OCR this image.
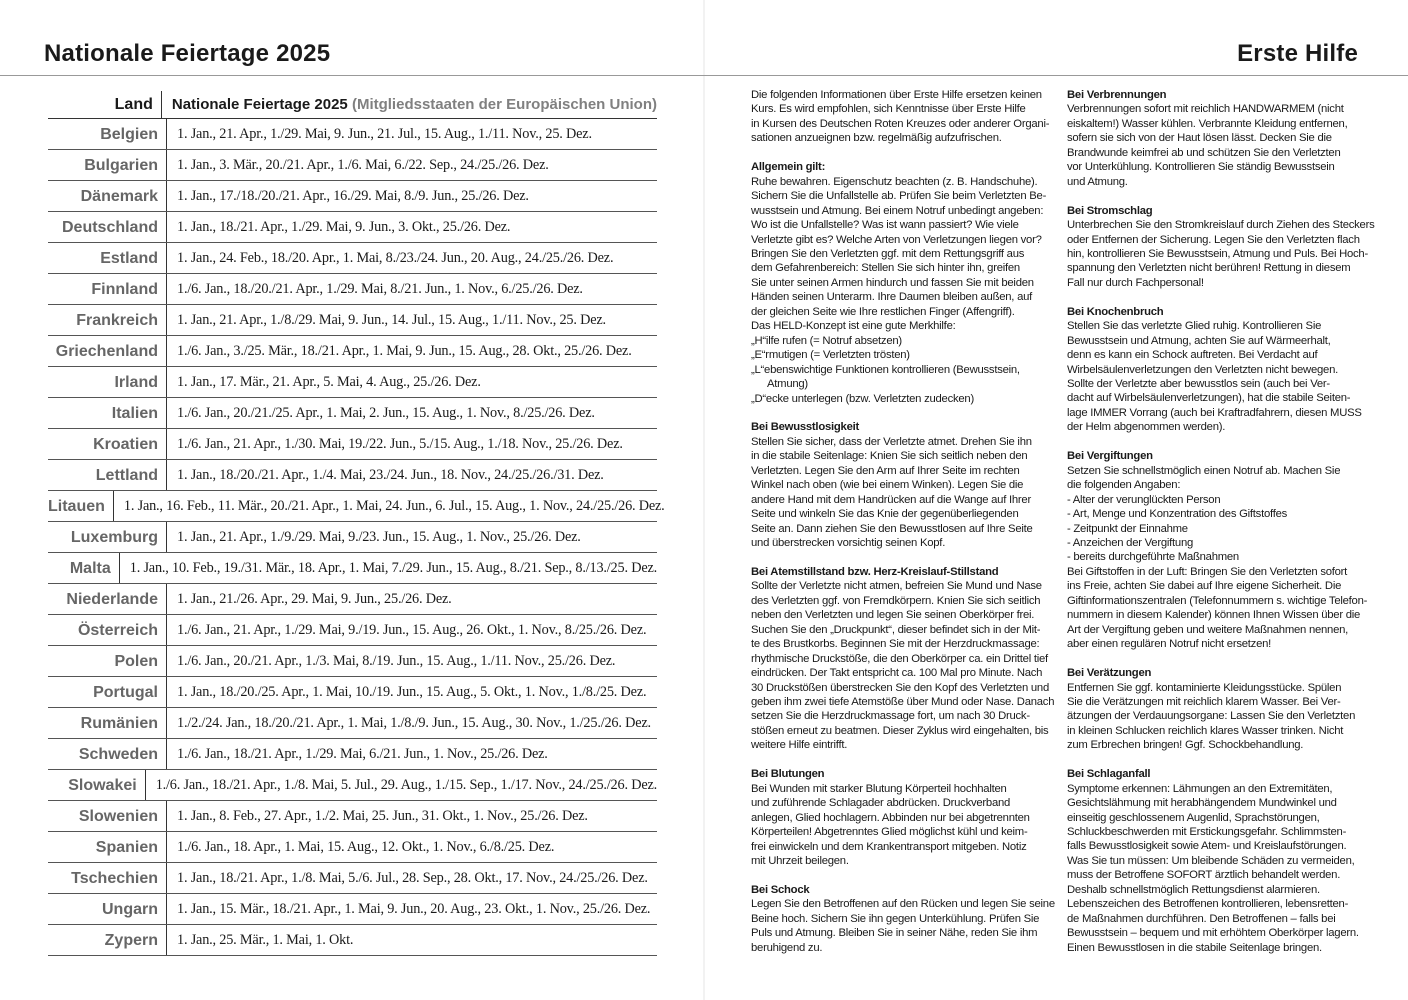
Nationale Feiertage 2025	Erste Hilfe
Land	Nationale Feiertage 2025 (Mitgliedsstaaten der Europäischen Union)
Belgien	1. Jan., 21. Apr., 1./29. Mai, 9. Jun., 21. Jul., 15. Aug., 1./11. Nov., 25. Dez.
Bulgarien	1. Jan., 3. Mär., 20./21. Apr., 1./6. Mai, 6./22. Sep., 24./25./26. Dez.
Dänemark	1. Jan., 17./18./20./21. Apr., 16./29. Mai, 8./9. Jun., 25./26. Dez.
Deutschland	1. Jan., 18./21. Apr., 1./29. Mai, 9. Jun., 3. Okt., 25./26. Dez.
Estland	1. Jan., 24. Feb., 18./20. Apr., 1. Mai, 8./23./24. Jun., 20. Aug., 24./25./26. Dez.
Finnland	1./6. Jan., 18./20./21. Apr., 1./29. Mai, 8./21. Jun., 1. Nov., 6./25./26. Dez.
Frankreich	1. Jan., 21. Apr., 1./8./29. Mai, 9. Jun., 14. Jul., 15. Aug., 1./11. Nov., 25. Dez.
Griechenland	1./6. Jan., 3./25. Mär., 18./21. Apr., 1. Mai, 9. Jun., 15. Aug., 28. Okt., 25./26. Dez.
Irland	1. Jan., 17. Mär., 21. Apr., 5. Mai, 4. Aug., 25./26. Dez.
Italien	1./6. Jan., 20./21./25. Apr., 1. Mai, 2. Jun., 15. Aug., 1. Nov., 8./25./26. Dez.
Kroatien	1./6. Jan., 21. Apr., 1./30. Mai, 19./22. Jun., 5./15. Aug., 1./18. Nov., 25./26. Dez.
Lettland	1. Jan., 18./20./21. Apr., 1./4. Mai, 23./24. Jun., 18. Nov., 24./25./26./31. Dez.
Litauen	1. Jan., 16. Feb., 11. Mär., 20./21. Apr., 1. Mai, 24. Jun., 6. Jul., 15. Aug., 1. Nov., 24./25./26. Dez.
Luxemburg	1. Jan., 21. Apr., 1./9./29. Mai, 9./23. Jun., 15. Aug., 1. Nov., 25./26. Dez.
Malta	1. Jan., 10. Feb., 19./31. Mär., 18. Apr., 1. Mai, 7./29. Jun., 15. Aug., 8./21. Sep., 8./13./25. Dez.
Niederlande	1. Jan., 21./26. Apr., 29. Mai, 9. Jun., 25./26. Dez.
Österreich	1./6. Jan., 21. Apr., 1./29. Mai, 9./19. Jun., 15. Aug., 26. Okt., 1. Nov., 8./25./26. Dez.
Polen	1./6. Jan., 20./21. Apr., 1./3. Mai, 8./19. Jun., 15. Aug., 1./11. Nov., 25./26. Dez.
Portugal	1. Jan., 18./20./25. Apr., 1. Mai, 10./19. Jun., 15. Aug., 5. Okt., 1. Nov., 1./8./25. Dez.
Rumänien	1./2./24. Jan., 18./20./21. Apr., 1. Mai, 1./8./9. Jun., 15. Aug., 30. Nov., 1./25./26. Dez.
Schweden	1./6. Jan., 18./21. Apr., 1./29. Mai, 6./21. Jun., 1. Nov., 25./26. Dez.
Slowakei	1./6. Jan., 18./21. Apr., 1./8. Mai, 5. Jul., 29. Aug., 1./15. Sep., 1./17. Nov., 24./25./26. Dez.
Slowenien	1. Jan., 8. Feb., 27. Apr., 1./2. Mai, 25. Jun., 31. Okt., 1. Nov., 25./26. Dez.
Spanien	1./6. Jan., 18. Apr., 1. Mai, 15. Aug., 12. Okt., 1. Nov., 6./8./25. Dez.
Tschechien	1. Jan., 18./21. Apr., 1./8. Mai, 5./6. Jul., 28. Sep., 28. Okt., 17. Nov., 24./25./26. Dez.
Ungarn	1. Jan., 15. Mär., 18./21. Apr., 1. Mai, 9. Jun., 20. Aug., 23. Okt., 1. Nov., 25./26. Dez.
Zypern	1. Jan., 25. Mär., 1. Mai, 1. Okt.
Die folgenden Informationen über Erste Hilfe ersetzen keinen
Kurs. Es wird empfohlen, sich Kenntnisse über Erste Hilfe
in Kursen des Deutschen Roten Kreuzes oder anderer Organi-
sationen anzueignen bzw. regelmäßig aufzufrischen.
Allgemein gilt:
Ruhe bewahren. Eigenschutz beachten (z. B. Handschuhe).
Sichern Sie die Unfallstelle ab. Prüfen Sie beim Verletzten Be-
wusstsein und Atmung. Bei einem Notruf unbedingt angeben:
Wo ist die Unfallstelle? Was ist wann passiert? Wie viele
Verletzte gibt es? Welche Arten von Verletzungen liegen vor?
Bringen Sie den Verletzten ggf. mit dem Rettungsgriff aus
dem Gefahrenbereich: Stellen Sie sich hinter ihn, greifen
Sie unter seinen Armen hindurch und fassen Sie mit beiden
Händen seinen Unterarm. Ihre Daumen bleiben außen, auf
der gleichen Seite wie Ihre restlichen Finger (Affengriff).
Das HELD-Konzept ist eine gute Merkhilfe:
„H“ilfe rufen (= Notruf absetzen)
„E“rmutigen (= Verletzten trösten)
„L“ebenswichtige Funktionen kontrollieren (Bewusstsein,
Atmung)
„D“ecke unterlegen (bzw. Verletzten zudecken)
Bei Bewusstlosigkeit
Stellen Sie sicher, dass der Verletzte atmet. Drehen Sie ihn
in die stabile Seitenlage: Knien Sie sich seitlich neben den
Verletzten. Legen Sie den Arm auf Ihrer Seite im rechten
Winkel nach oben (wie bei einem Winken). Legen Sie die
andere Hand mit dem Handrücken auf die Wange auf Ihrer
Seite und winkeln Sie das Knie der gegenüberliegenden
Seite an. Dann ziehen Sie den Bewusstlosen auf Ihre Seite
und überstrecken vorsichtig seinen Kopf.
Bei Atemstillstand bzw. Herz-Kreislauf-Stillstand
Sollte der Verletzte nicht atmen, befreien Sie Mund und Nase
des Verletzten ggf. von Fremdkörpern. Knien Sie sich seitlich
neben den Verletzten und legen Sie seinen Oberkörper frei.
Suchen Sie den „Druckpunkt“, dieser befindet sich in der Mit-
te des Brustkorbs. Beginnen Sie mit der Herzdruckmassage:
rhythmische Druckstöße, die den Oberkörper ca. ein Drittel tief
eindrücken. Der Takt entspricht ca. 100 Mal pro Minute. Nach
30 Druckstößen überstrecken Sie den Kopf des Verletzten und
geben ihm zwei tiefe Atemstöße über Mund oder Nase. Danach
setzen Sie die Herzdruckmassage fort, um nach 30 Druck-
stößen erneut zu beatmen. Dieser Zyklus wird eingehalten, bis
weitere Hilfe eintrifft.
Bei Blutungen
Bei Wunden mit starker Blutung Körperteil hochhalten
und zuführende Schlagader abdrücken. Druckverband
anlegen, Glied hochlagern. Abbinden nur bei abgetrennten
Körperteilen! Abgetrenntes Glied möglichst kühl und keim-
frei einwickeln und dem Krankentransport mitgeben. Notiz
mit Uhrzeit beilegen.
Bei Schock
Legen Sie den Betroffenen auf den Rücken und legen Sie seine
Beine hoch. Sichern Sie ihn gegen Unterkühlung. Prüfen Sie
Puls und Atmung. Bleiben Sie in seiner Nähe, reden Sie ihm
beruhigend zu.
Bei Verbrennungen
Verbrennungen sofort mit reichlich HANDWARMEM (nicht
eiskaltem!) Wasser kühlen. Verbrannte Kleidung entfernen,
sofern sie sich von der Haut lösen lässt. Decken Sie die
Brandwunde keimfrei ab und schützen Sie den Verletzten
vor Unterkühlung. Kontrollieren Sie ständig Bewusstsein
und Atmung.
Bei Stromschlag
Unterbrechen Sie den Stromkreislauf durch Ziehen des Steckers
oder Entfernen der Sicherung. Legen Sie den Verletzten flach
hin, kontrollieren Sie Bewusstsein, Atmung und Puls. Bei Hoch-
spannung den Verletzten nicht berühren! Rettung in diesem
Fall nur durch Fachpersonal!
Bei Knochenbruch
Stellen Sie das verletzte Glied ruhig. Kontrollieren Sie
Bewusstsein und Atmung, achten Sie auf Wärmeerhalt,
denn es kann ein Schock auftreten. Bei Verdacht auf
Wirbelsäulenverletzungen den Verletzten nicht bewegen.
Sollte der Verletzte aber bewusstlos sein (auch bei Ver-
dacht auf Wirbelsäulenverletzungen), hat die stabile Seiten-
lage IMMER Vorrang (auch bei Kraftradfahrern, diesen MUSS
der Helm abgenommen werden).
Bei Vergiftungen
Setzen Sie schnellstmöglich einen Notruf ab. Machen Sie
die folgenden Angaben:
- Alter der verunglückten Person
- Art, Menge und Konzentration des Giftstoffes
- Zeitpunkt der Einnahme
- Anzeichen der Vergiftung
- bereits durchgeführte Maßnahmen
Bei Giftstoffen in der Luft: Bringen Sie den Verletzten sofort
ins Freie, achten Sie dabei auf Ihre eigene Sicherheit. Die
Giftinformationszentralen (Telefonnummern s. wichtige Telefon-
nummern in diesem Kalender) können Ihnen Wissen über die
Art der Vergiftung geben und weitere Maßnahmen nennen,
aber einen regulären Notruf nicht ersetzen!
Bei Verätzungen
Entfernen Sie ggf. kontaminierte Kleidungsstücke. Spülen
Sie die Verätzungen mit reichlich klarem Wasser. Bei Ver-
ätzungen der Verdauungsorgane: Lassen Sie den Verletzten
in kleinen Schlucken reichlich klares Wasser trinken. Nicht
zum Erbrechen bringen! Ggf. Schockbehandlung.
Bei Schlaganfall
Symptome erkennen: Lähmungen an den Extremitäten,
Gesichtslähmung mit herabhängendem Mundwinkel und
einseitig geschlossenem Augenlid, Sprachstörungen,
Schluckbeschwerden mit Erstickungsgefahr. Schlimmsten-
falls Bewusstlosigkeit sowie Atem- und Kreislaufstörungen.
Was Sie tun müssen: Um bleibende Schäden zu vermeiden,
muss der Betroffene SOFORT ärztlich behandelt werden.
Deshalb schnellstmöglich Rettungsdienst alarmieren.
Lebenszeichen des Betroffenen kontrollieren, lebensretten-
de Maßnahmen durchführen. Den Betroffenen – falls bei
Bewusstsein – bequem und mit erhöhtem Oberkörper lagern.
Einen Bewusstlosen in die stabile Seitenlage bringen.
